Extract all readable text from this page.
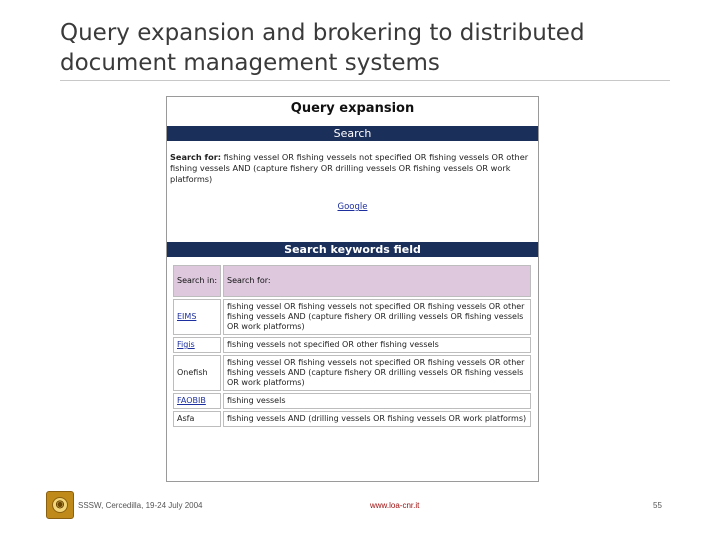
Query expansion and brokering to distributed document management systems
Query expansion
Search
Search for: fishing vessel OR fishing vessels not specified OR fishing vessels OR other fishing vessels AND (capture fishery OR drilling vessels OR fishing vessels OR work platforms)
Google
Search keywords field
Search in:	Search for:
EIMS	fishing vessel OR fishing vessels not specified OR fishing vessels OR other fishing vessels AND (capture fishery OR drilling vessels OR fishing vessels OR work platforms)
Figis	fishing vessels not specified OR other fishing vessels
Onefish	fishing vessel OR fishing vessels not specified OR fishing vessels OR other fishing vessels AND (capture fishery OR drilling vessels OR fishing vessels OR work platforms)
FAOBIB	fishing vessels
Asfa	fishing vessels AND (drilling vessels OR fishing vessels OR work platforms)
◉	SSSW, Cercedilla, 19-24 July 2004	www.loa-cnr.it	55
